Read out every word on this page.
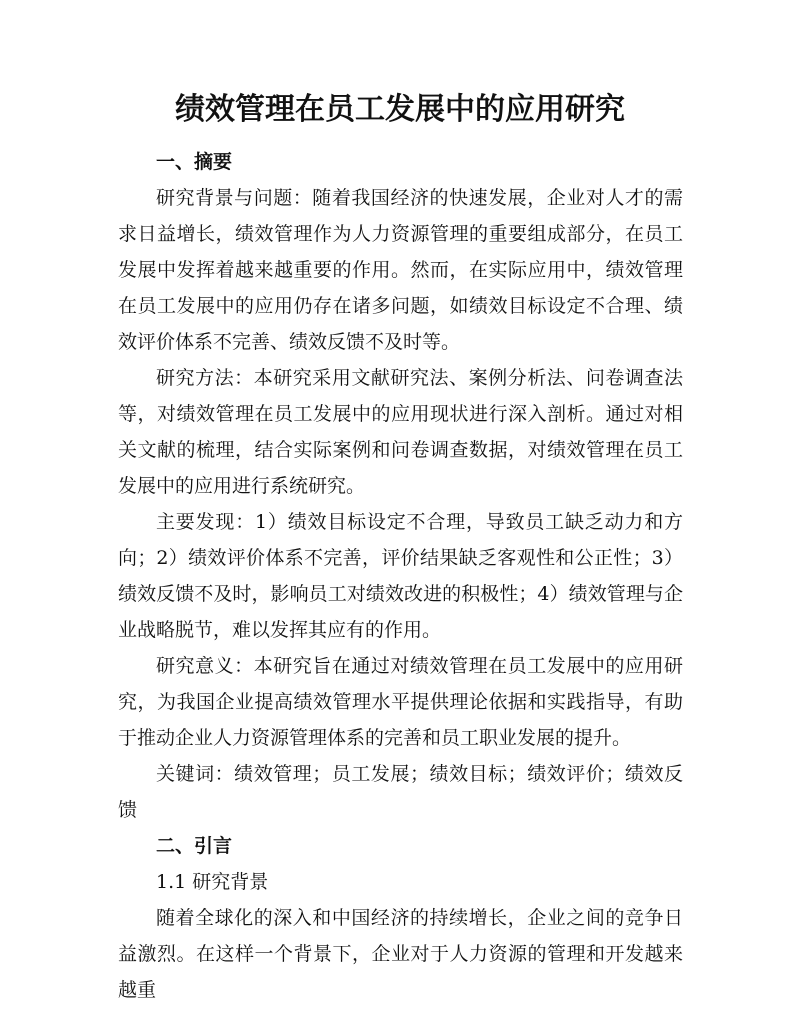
绩效管理在员工发展中的应用研究

一、摘要

研究背景与问题：随着我国经济的快速发展，企业对人才的需求日益增长，绩效管理作为人力资源管理的重要组成部分，在员工发展中发挥着越来越重要的作用。然而，在实际应用中，绩效管理在员工发展中的应用仍存在诸多问题，如绩效目标设定不合理、绩效评价体系不完善、绩效反馈不及时等。

研究方法：本研究采用文献研究法、案例分析法、问卷调查法等，对绩效管理在员工发展中的应用现状进行深入剖析。通过对相关文献的梳理，结合实际案例和问卷调查数据，对绩效管理在员工发展中的应用进行系统研究。

主要发现：1）绩效目标设定不合理，导致员工缺乏动力和方向；2）绩效评价体系不完善，评价结果缺乏客观性和公正性；3）绩效反馈不及时，影响员工对绩效改进的积极性；4）绩效管理与企业战略脱节，难以发挥其应有的作用。

研究意义：本研究旨在通过对绩效管理在员工发展中的应用研究，为我国企业提高绩效管理水平提供理论依据和实践指导，有助于推动企业人力资源管理体系的完善和员工职业发展的提升。

关键词：绩效管理；员工发展；绩效目标；绩效评价；绩效反馈

二、引言

1.1 研究背景

随着全球化的深入和中国经济的持续增长，企业之间的竞争日益激烈。在这样一个背景下，企业对于人力资源的管理和开发越来越重
